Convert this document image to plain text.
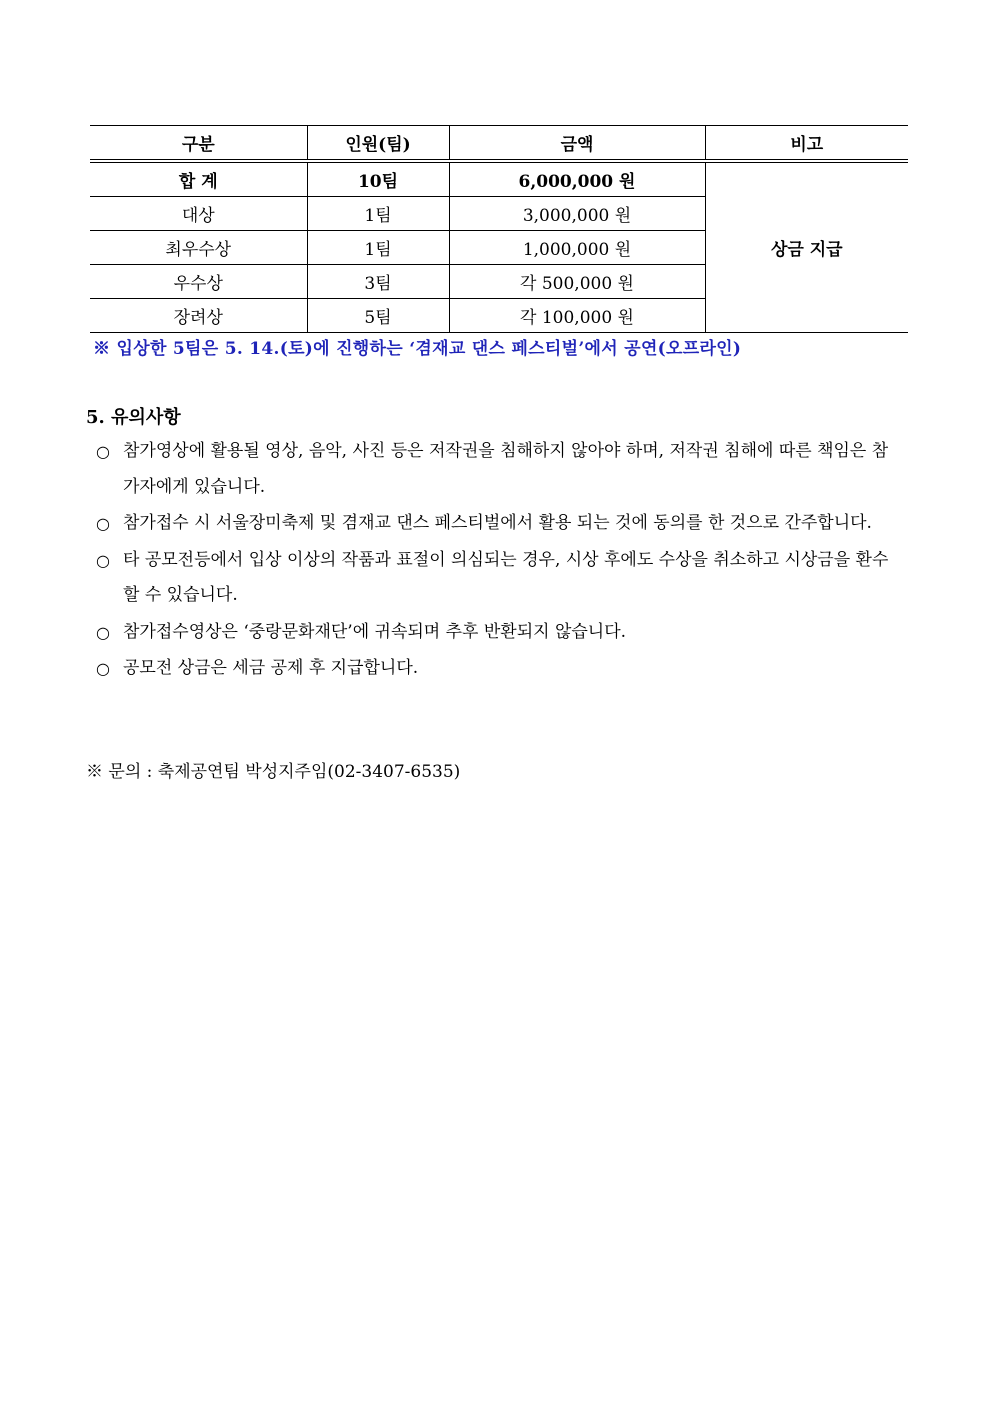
구분	인원(팀)	금액	비고
합 계	10팀	6,000,000 원	상금 지급
대상	1팀	3,000,000 원	
최우수상	1팀	1,000,000 원	
우수상	3팀	각 500,000 원	
장려상	5팀	각 100,000 원	

※ 입상한 5팀은 5. 14.(토)에 진행하는 ‘겸재교 댄스 페스티벌’에서 공연(오프라인)

5. 유의사항
○ 참가영상에 활용될 영상, 음악, 사진 등은 저작권을 침해하지 않아야 하며, 저작권 침해에 따른 책임은 참가자에게 있습니다.
○ 참가접수 시 서울장미축제 및 겸재교 댄스 페스티벌에서 활용 되는 것에 동의를 한 것으로 간주합니다.
○ 타 공모전등에서 입상 이상의 작품과 표절이 의심되는 경우, 시상 후에도 수상을 취소하고 시상금을 환수할 수 있습니다.
○ 참가접수영상은 ‘중랑문화재단’에 귀속되며 추후 반환되지 않습니다.
○ 공모전 상금은 세금 공제 후 지급합니다.

※ 문의 : 축제공연팀 박성지주임(02-3407-6535)
